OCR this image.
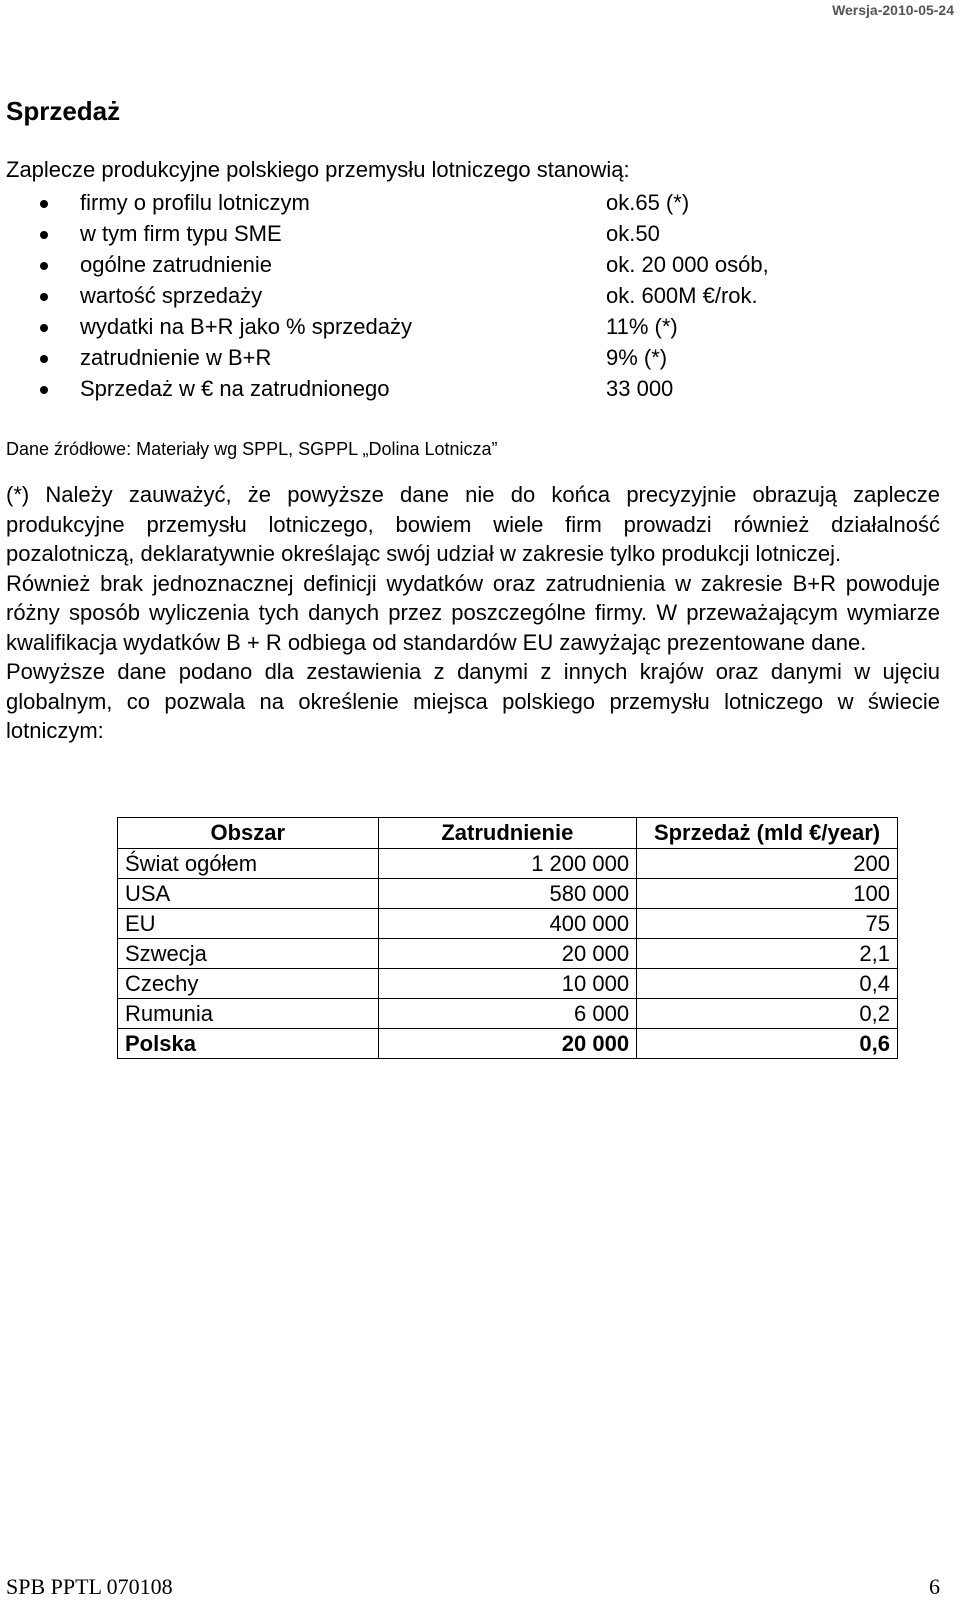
Wersja-2010-05-24
Sprzedaż
Zaplecze produkcyjne polskiego przemysłu lotniczego stanowią:
firmy o profilu lotniczym	ok.65 (*)
w tym firm typu SME	ok.50
ogólne zatrudnienie	ok. 20 000 osób,
wartość sprzedaży	ok. 600M €/rok.
wydatki na B+R jako % sprzedaży	11% (*)
zatrudnienie w B+R	9% (*)
Sprzedaż w € na zatrudnionego	33 000
Dane źródłowe: Materiały wg SPPL, SGPPL „Dolina Lotnicza”

(*) Należy zauważyć, że powyższe dane nie do końca precyzyjnie obrazują zaplecze produkcyjne przemysłu lotniczego, bowiem wiele firm prowadzi również działalność pozalotniczą, deklaratywnie określając swój udział w zakresie tylko produkcji lotniczej.

Również brak jednoznacznej definicji wydatków oraz zatrudnienia w zakresie B+R powoduje różny sposób wyliczenia tych danych przez poszczególne firmy. W przeważającym wymiarze kwalifikacja wydatków B + R odbiega od standardów EU zawyżając prezentowane dane.

Powyższe dane podano dla zestawienia z danymi z innych krajów oraz danymi w ujęciu globalnym, co pozwala na określenie miejsca polskiego przemysłu lotniczego w świecie lotniczym:

Obszar	Zatrudnienie	Sprzedaż (mld €/year)
Świat ogółem	1 200 000	200
USA	580 000	100
EU	400 000	75
Szwecja	20 000	2,1
Czechy	10 000	0,4
Rumunia	6 000	0,2
Polska	20 000	0,6
SPB PPTL 070108	6
